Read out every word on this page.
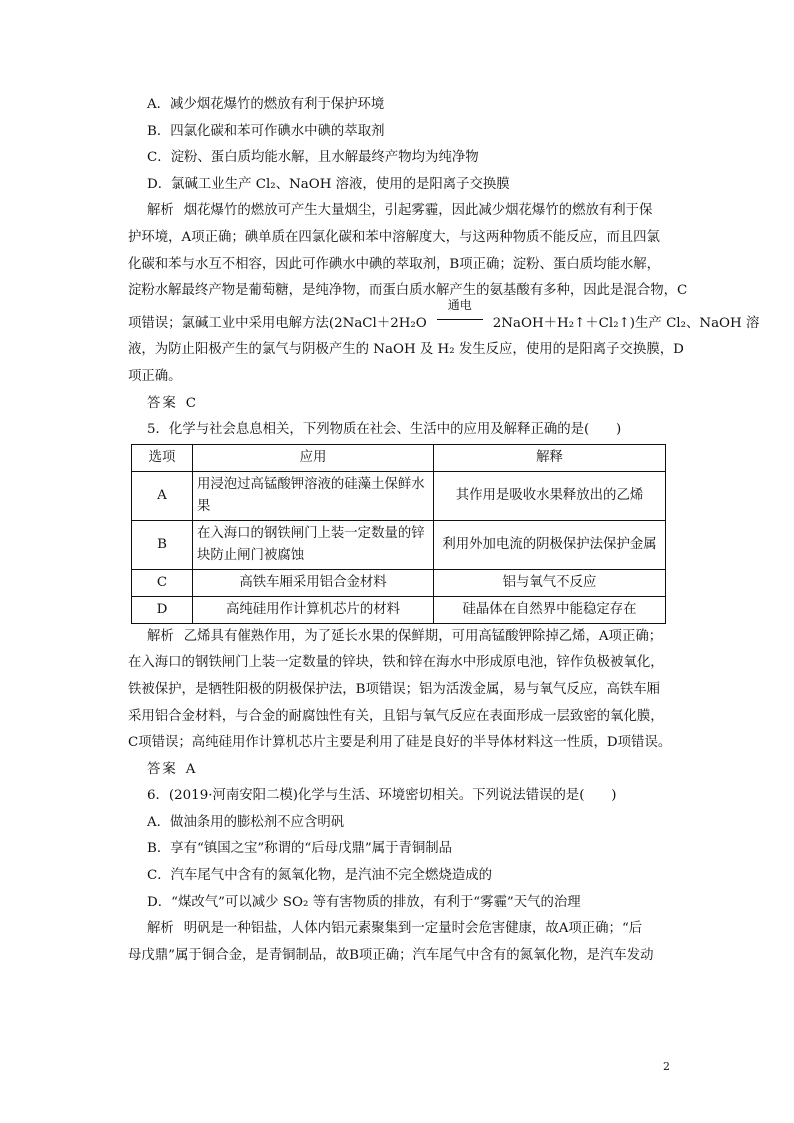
A．减少烟花爆竹的燃放有利于保护环境
B．四氯化碳和苯可作碘水中碘的萃取剂
C．淀粉、蛋白质均能水解，且水解最终产物均为纯净物
D．氯碱工业生产 Cl₂、NaOH 溶液，使用的是阳离子交换膜
解析 烟花爆竹的燃放可产生大量烟尘，引起雾霾，因此减少烟花爆竹的燃放有利于保
护环境，A项正确；碘单质在四氯化碳和苯中溶解度大，与这两种物质不能反应，而且四氯
化碳和苯与水互不相容，因此可作碘水中碘的萃取剂，B项正确；淀粉、蛋白质均能水解，
淀粉水解最终产物是葡萄糖，是纯净物，而蛋白质水解产生的氨基酸有多种，因此是混合物，C
项错误；氯碱工业中采用电解方法(2NaCl＋2H₂O
通电
2NaOH＋H₂↑＋Cl₂↑)生产 Cl₂、NaOH 溶
液，为防止阳极产生的氯气与阴极产生的 NaOH 及 H₂ 发生反应，使用的是阳离子交换膜，D
项正确。
答案 C
5．化学与社会息息相关，下列物质在社会、生活中的应用及解释正确的是(　　)
选项	应用	解释
A	用浸泡过高锰酸钾溶液的硅藻土保鲜水果	其作用是吸收水果释放出的乙烯
B	在入海口的钢铁闸门上装一定数量的锌块防止闸门被腐蚀	利用外加电流的阴极保护法保护金属
C	高铁车厢采用铝合金材料	铝与氧气不反应
D	高纯硅用作计算机芯片的材料	硅晶体在自然界中能稳定存在
解析 乙烯具有催熟作用，为了延长水果的保鲜期，可用高锰酸钾除掉乙烯，A项正确；
在入海口的钢铁闸门上装一定数量的锌块，铁和锌在海水中形成原电池，锌作负极被氧化，
铁被保护，是牺牲阳极的阴极保护法，B项错误；铝为活泼金属，易与氧气反应，高铁车厢
采用铝合金材料，与合金的耐腐蚀性有关，且铝与氧气反应在表面形成一层致密的氧化膜，
C项错误；高纯硅用作计算机芯片主要是利用了硅是良好的半导体材料这一性质，D项错误。
答案 A
6．(2019·河南安阳二模)化学与生活、环境密切相关。下列说法错误的是(　　)
A．做油条用的膨松剂不应含明矾
B．享有“镇国之宝”称谓的“后母戊鼎”属于青铜制品
C．汽车尾气中含有的氮氧化物，是汽油不完全燃烧造成的
D．“煤改气”可以减少 SO₂ 等有害物质的排放，有利于“雾霾”天气的治理
解析 明矾是一种铝盐，人体内铝元素聚集到一定量时会危害健康，故A项正确；“后
母戊鼎”属于铜合金，是青铜制品，故B项正确；汽车尾气中含有的氮氧化物，是汽车发动
2
